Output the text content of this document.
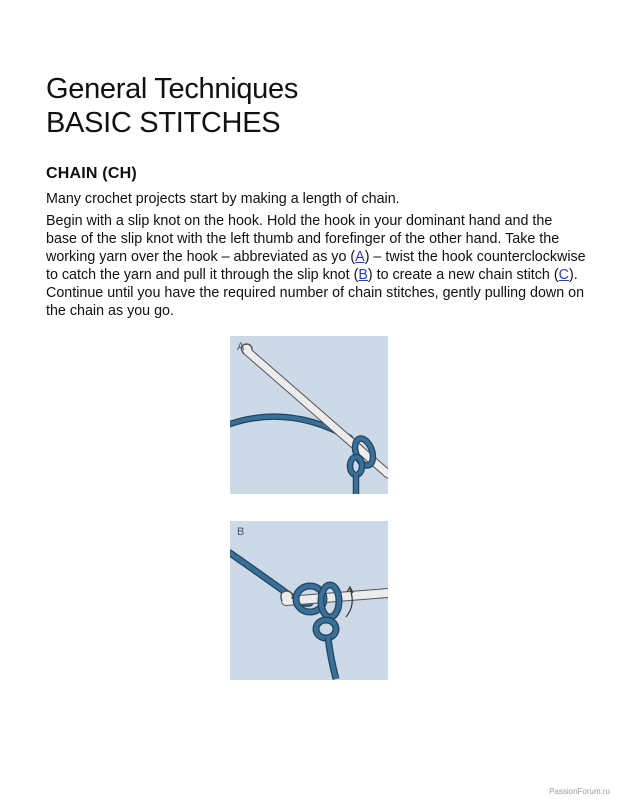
General Techniques
BASIC STITCHES
CHAIN (CH)
Many crochet projects start by making a length of chain.
Begin with a slip knot on the hook. Hold the hook in your dominant hand and the base of the slip knot with the left thumb and forefinger of the other hand. Take the working yarn over the hook – abbreviated as yo (A) – twist the hook counterclockwise to catch the yarn and pull it through the slip knot (B) to create a new chain stitch (C). Continue until you have the required number of chain stitches, gently pulling down on the chain as you go.
A
B
PassionForum.ru
